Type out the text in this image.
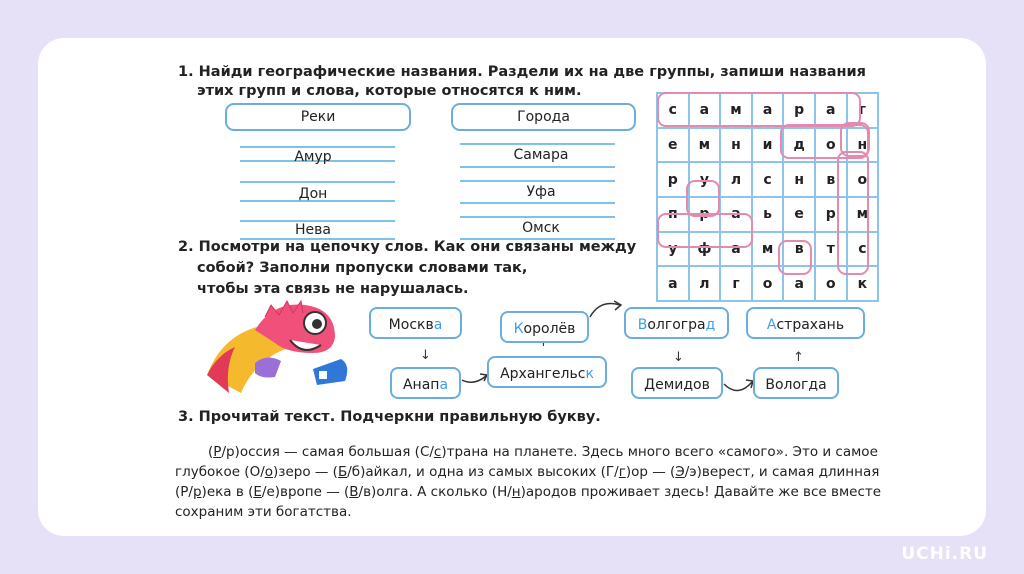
1. Найди географические названия. Раздели их на две группы, запиши названия
этих групп и слова, которые относятся к ним.
Реки
Амур
Дон
Нева
Города
Самара
Уфа
Омск
с	а	м	а	р	а	г
е	м	н	и	д	о	н
р	у	л	с	н	в	о
п	р	а	ь	е	р	м
у	ф	а	м	в	т	с
а	л	г	о	а	о	к
2. Посмотри на цепочку слов. Как они связаны между
собой? Заполни пропуски словами так,
чтобы эта связь не нарушалась.
Москва
↓
Анапа
Архангельск
Королёв	Волгоград
↓
Демидов	Вологда
↑
Астрахань
3. Прочитай текст. Подчеркни правильную букву.
(Р/р)оссия — самая большая (С/с)трана на планете. Здесь много всего «самого». Это и самое глубокое (О/о)зеро — (Б/б)айкал, и одна из самых высоких (Г/г)ор — (Э/э)верест, и самая длинная (Р/р)ека в (Е/е)вропе — (В/в)олга. А сколько (Н/н)ародов проживает здесь! Давайте же все вместе сохраним эти богатства.
UCHi.RU
